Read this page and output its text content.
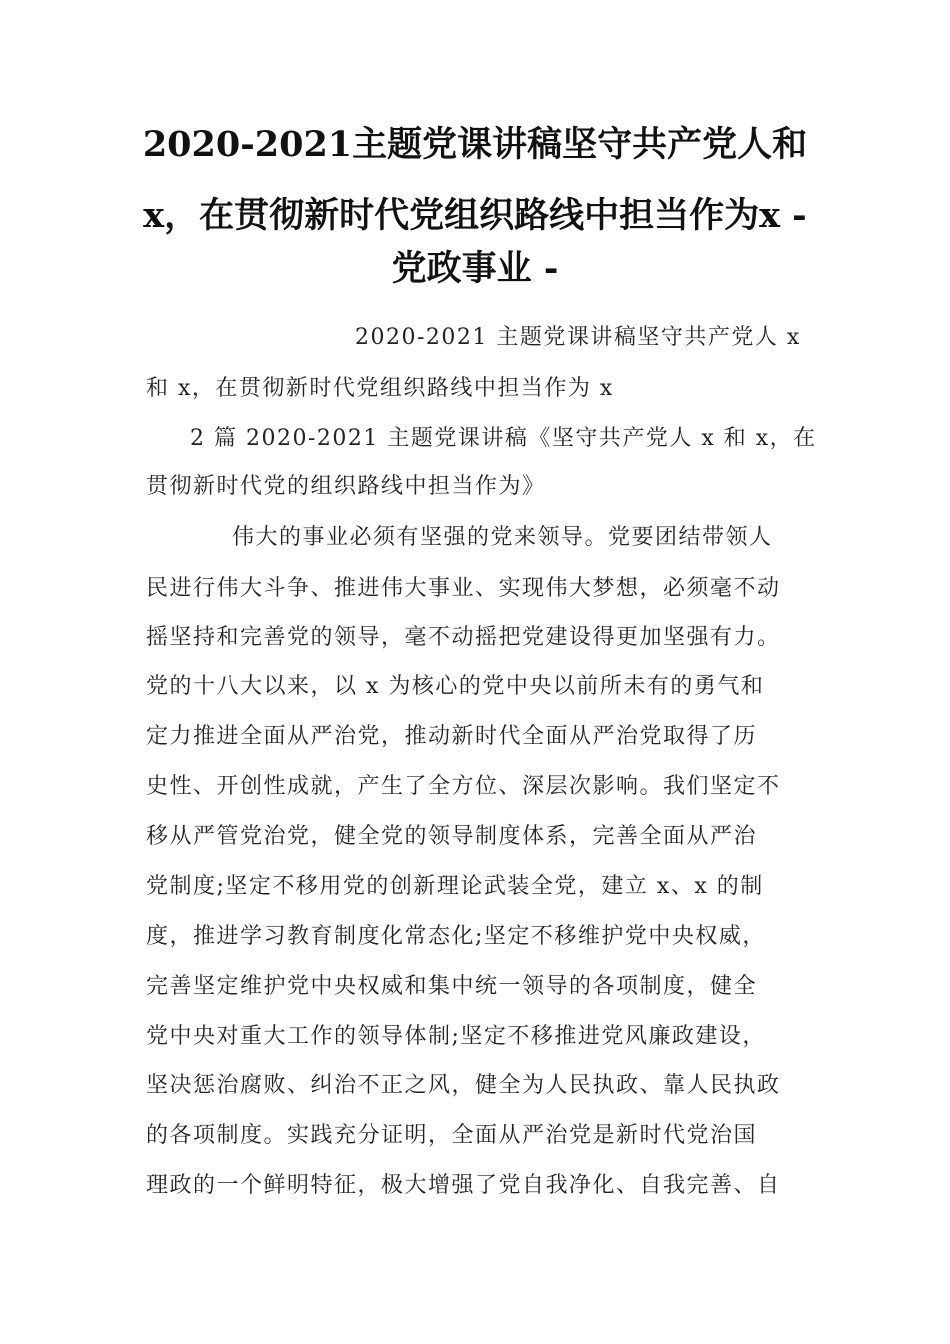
2020-2021主题党课讲稿坚守共产党人和
x，在贯彻新时代党组织路线中担当作为x -
党政事业 -
2020-2021 主题党课讲稿坚守共产党人 x
和 x，在贯彻新时代党组织路线中担当作为 x
2 篇 2020-2021 主题党课讲稿《坚守共产党人 x 和 x，在
贯彻新时代党的组织路线中担当作为》
伟大的事业必须有坚强的党来领导。党要团结带领人
民进行伟大斗争、推进伟大事业、实现伟大梦想，必须毫不动
摇坚持和完善党的领导，毫不动摇把党建设得更加坚强有力。
党的十八大以来，以 x 为核心的党中央以前所未有的勇气和
定力推进全面从严治党，推动新时代全面从严治党取得了历
史性、开创性成就，产生了全方位、深层次影响。我们坚定不
移从严管党治党，健全党的领导制度体系，完善全面从严治
党制度;坚定不移用党的创新理论武装全党，建立 x、x 的制
度，推进学习教育制度化常态化;坚定不移维护党中央权威，
完善坚定维护党中央权威和集中统一领导的各项制度，健全
党中央对重大工作的领导体制;坚定不移推进党风廉政建设，
坚决惩治腐败、纠治不正之风，健全为人民执政、靠人民执政
的各项制度。实践充分证明，全面从严治党是新时代党治国
理政的一个鲜明特征，极大增强了党自我净化、自我完善、自
